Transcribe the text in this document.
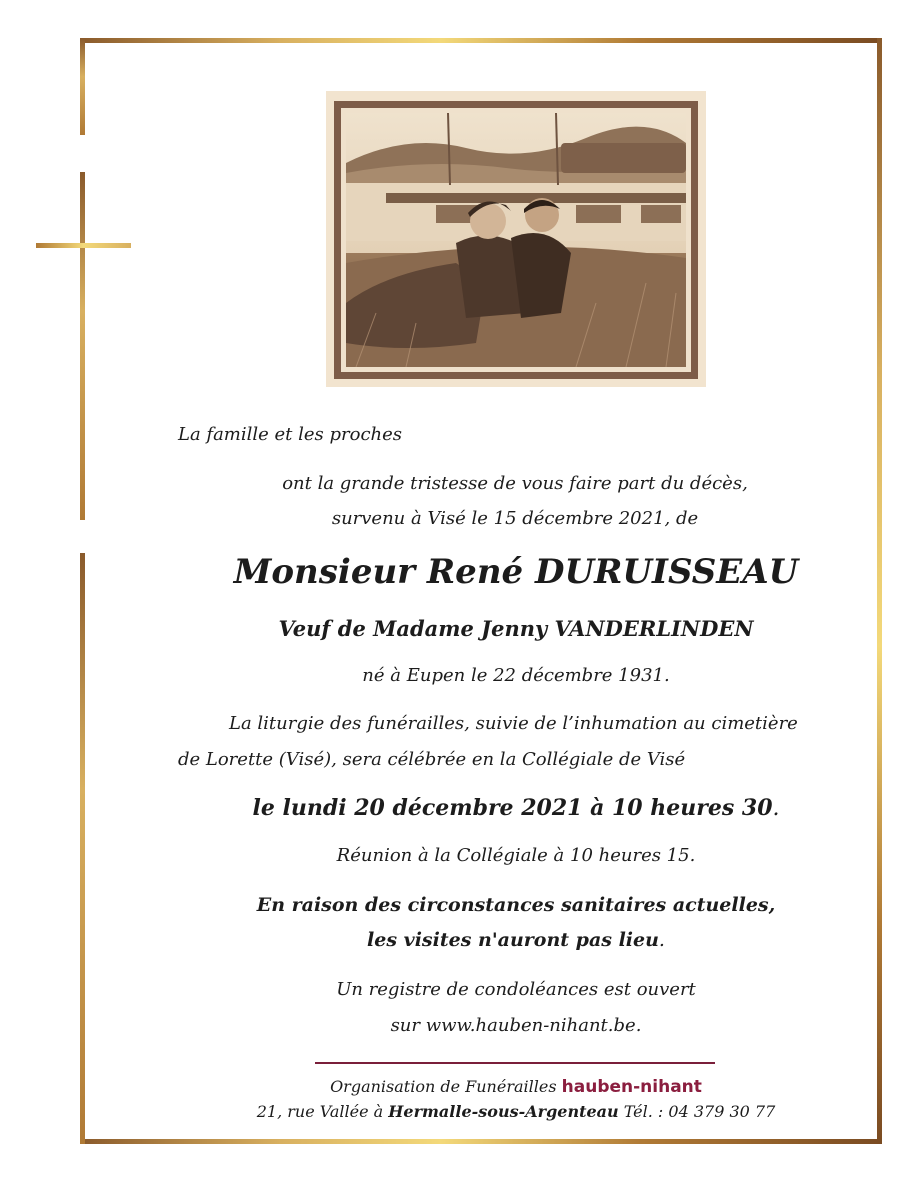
La famille et les proches

ont la grande tristesse de vous faire part du décès,

survenu à Visé le 15 décembre 2021, de

Monsieur René DURUISSEAU

Veuf de Madame Jenny VANDERLINDEN

né à Eupen le 22 décembre 1931.

La liturgie des funérailles, suivie de l’inhumation au cimetière

de Lorette (Visé), sera célébrée en la Collégiale de Visé

le lundi 20 décembre 2021 à 10 heures 30.

Réunion à la Collégiale à 10 heures 15.

En raison des circonstances sanitaires actuelles,

les visites n'auront pas lieu.

Un registre de condoléances est ouvert

sur www.hauben-nihant.be.

Organisation de Funérailles hauben-nihant

21, rue Vallée à Hermalle-sous-Argenteau Tél. : 04 379 30 77
